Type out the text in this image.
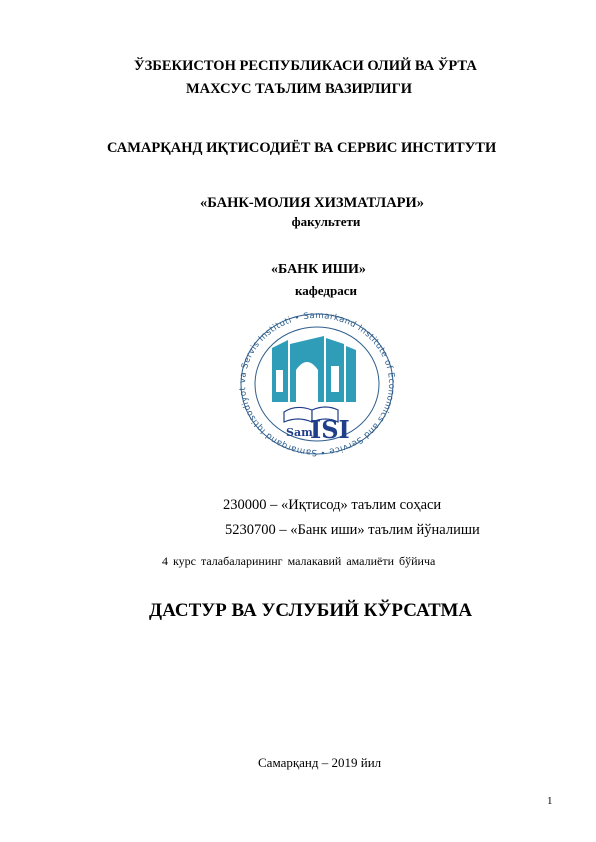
ЎЗБЕКИСТОН РЕСПУБЛИКАСИ ОЛИЙ ВА ЎРТА
МАХСУС ТАЪЛИМ ВАЗИРЛИГИ
САМАРҚАНД ИҚТИСОДИЁТ ВА СЕРВИС ИНСТИТУТИ
«БАНК-МОЛИЯ ХИЗМАТЛАРИ»
факультети
«БАНК ИШИ»
кафедраси
Samarqand Iqtisodiyot va Servis Instituti • Samarkand Institute of Economics and Service •
Sam
ISI
230000 – «Иқтисод» таълим соҳаси
5230700 – «Банк иши» таълим йўналиши
4 курс талабаларининг малакавий амалиёти бўйича
ДАСТУР ВА УСЛУБИЙ КЎРСАТМА
Самарқанд – 2019 йил
1
